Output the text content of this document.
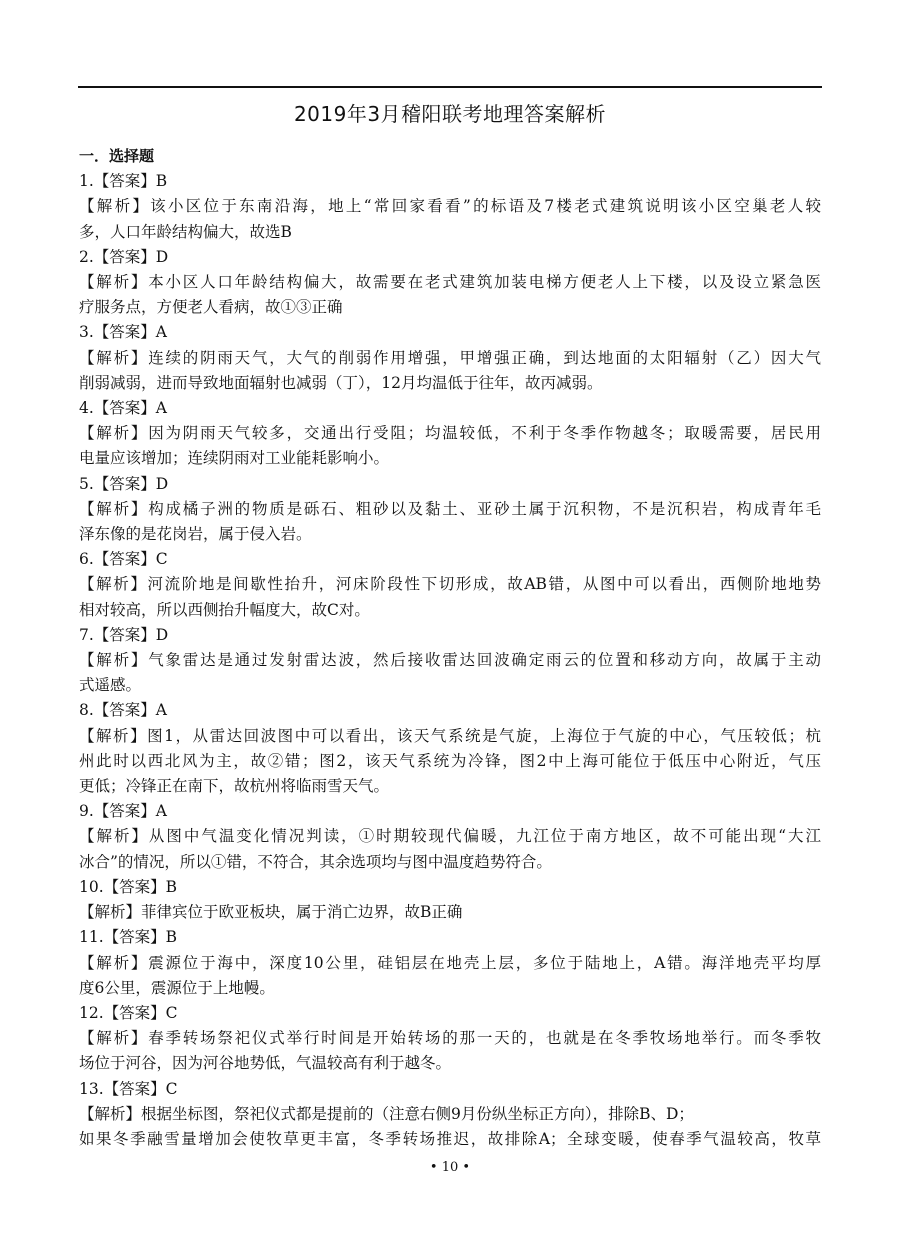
2019年3月稽阳联考地理答案解析
一．选择题
1.【答案】B
【解析】该小区位于东南沿海，地上“常回家看看”的标语及7楼老式建筑说明该小区空巢老人较
多，人口年龄结构偏大，故选B
2.【答案】D
【解析】本小区人口年龄结构偏大，故需要在老式建筑加装电梯方便老人上下楼，以及设立紧急医
疗服务点，方便老人看病，故①③正确
3.【答案】A
【解析】连续的阴雨天气，大气的削弱作用增强，甲增强正确，到达地面的太阳辐射（乙）因大气
削弱减弱，进而导致地面辐射也减弱（丁），12月均温低于往年，故丙减弱。
4.【答案】A
【解析】因为阴雨天气较多，交通出行受阻；均温较低，不利于冬季作物越冬；取暖需要，居民用
电量应该增加；连续阴雨对工业能耗影响小。
5.【答案】D
【解析】构成橘子洲的物质是砾石、粗砂以及黏土、亚砂土属于沉积物，不是沉积岩，构成青年毛
泽东像的是花岗岩，属于侵入岩。
6.【答案】C
【解析】河流阶地是间歇性抬升，河床阶段性下切形成，故AB错，从图中可以看出，西侧阶地地势
相对较高，所以西侧抬升幅度大，故C对。
7.【答案】D
【解析】气象雷达是通过发射雷达波，然后接收雷达回波确定雨云的位置和移动方向，故属于主动
式遥感。
8.【答案】A
【解析】图1，从雷达回波图中可以看出，该天气系统是气旋，上海位于气旋的中心，气压较低；杭
州此时以西北风为主，故②错；图2，该天气系统为冷锋，图2中上海可能位于低压中心附近，气压
更低；冷锋正在南下，故杭州将临雨雪天气。
9.【答案】A
【解析】从图中气温变化情况判读，①时期较现代偏暖，九江位于南方地区，故不可能出现“大江
冰合”的情况，所以①错，不符合，其余选项均与图中温度趋势符合。
10.【答案】B
【解析】菲律宾位于欧亚板块，属于消亡边界，故B正确
11.【答案】B
【解析】震源位于海中，深度10公里，硅铝层在地壳上层，多位于陆地上，A错。海洋地壳平均厚
度6公里，震源位于上地幔。
12.【答案】C
【解析】春季转场祭祀仪式举行时间是开始转场的那一天的，也就是在冬季牧场地举行。而冬季牧
场位于河谷，因为河谷地势低，气温较高有利于越冬。
13.【答案】C
【解析】根据坐标图，祭祀仪式都是提前的（注意右侧9月份纵坐标正方向），排除B、D；
如果冬季融雪量增加会使牧草更丰富，冬季转场推迟，故排除A；全球变暖，使春季气温较高，牧草
• 10 •
